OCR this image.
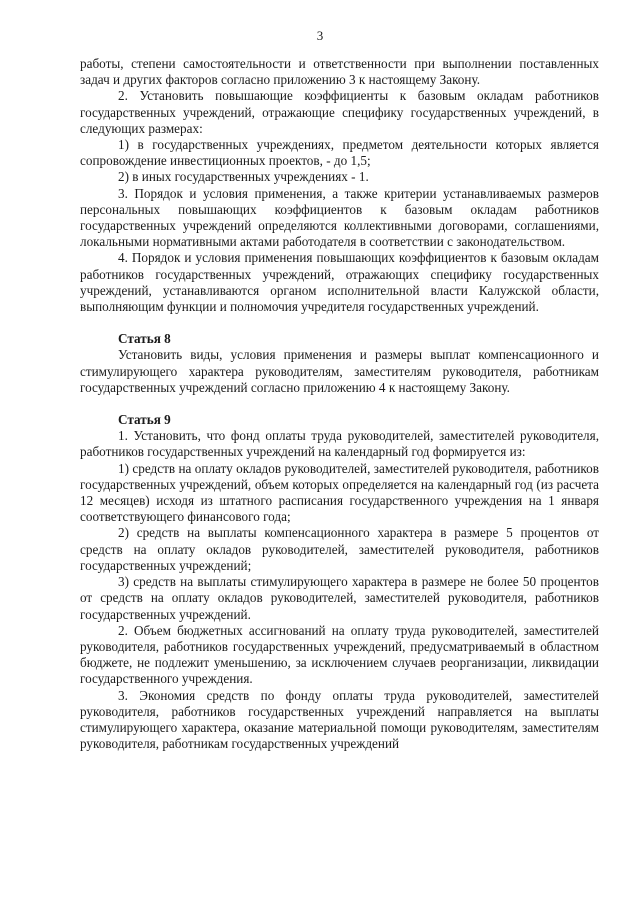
3

работы, степени самостоятельности и ответственности при выполнении поставленных задач и других факторов согласно приложению 3 к настоящему Закону.

2. Установить повышающие коэффициенты к базовым окладам работников государственных учреждений, отражающие специфику государственных учреждений, в следующих размерах:

1) в государственных учреждениях, предметом деятельности которых является сопровождение инвестиционных проектов, - до 1,5;

2) в иных государственных учреждениях - 1.

3. Порядок и условия применения, а также критерии устанавливаемых размеров персональных повышающих коэффициентов к базовым окладам работников государственных учреждений определяются коллективными договорами, соглашениями, локальными нормативными актами работодателя в соответствии с законодательством.

4. Порядок и условия применения повышающих коэффициентов к базовым окладам работников государственных учреждений, отражающих специфику государственных учреждений, устанавливаются органом исполнительной власти Калужской области, выполняющим функции и полномочия учредителя государственных учреждений.

Статья 8

Установить виды, условия применения и размеры выплат компенсационного и стимулирующего характера руководителям, заместителям руководителя, работникам государственных учреждений согласно приложению 4 к настоящему Закону.

Статья 9

1. Установить, что фонд оплаты труда руководителей, заместителей руководителя, работников государственных учреждений на календарный год формируется из:

1) средств на оплату окладов руководителей, заместителей руководителя, работников государственных учреждений, объем которых определяется на календарный год (из расчета 12 месяцев) исходя из штатного расписания государственного учреждения на 1 января соответствующего финансового года;

2) средств на выплаты компенсационного характера в размере 5 процентов от средств на оплату окладов руководителей, заместителей руководителя, работников государственных учреждений;

3) средств на выплаты стимулирующего характера в размере не более 50 процентов от средств на оплату окладов руководителей, заместителей руководителя, работников государственных учреждений.

2. Объем бюджетных ассигнований на оплату труда руководителей, заместителей руководителя, работников государственных учреждений, предусматриваемый в областном бюджете, не подлежит уменьшению, за исключением случаев реорганизации, ликвидации государственного учреждения.

3. Экономия средств по фонду оплаты труда руководителей, заместителей руководителя, работников государственных учреждений направляется на выплаты стимулирующего характера, оказание материальной помощи руководителям, заместителям руководителя, работникам государственных учреждений
